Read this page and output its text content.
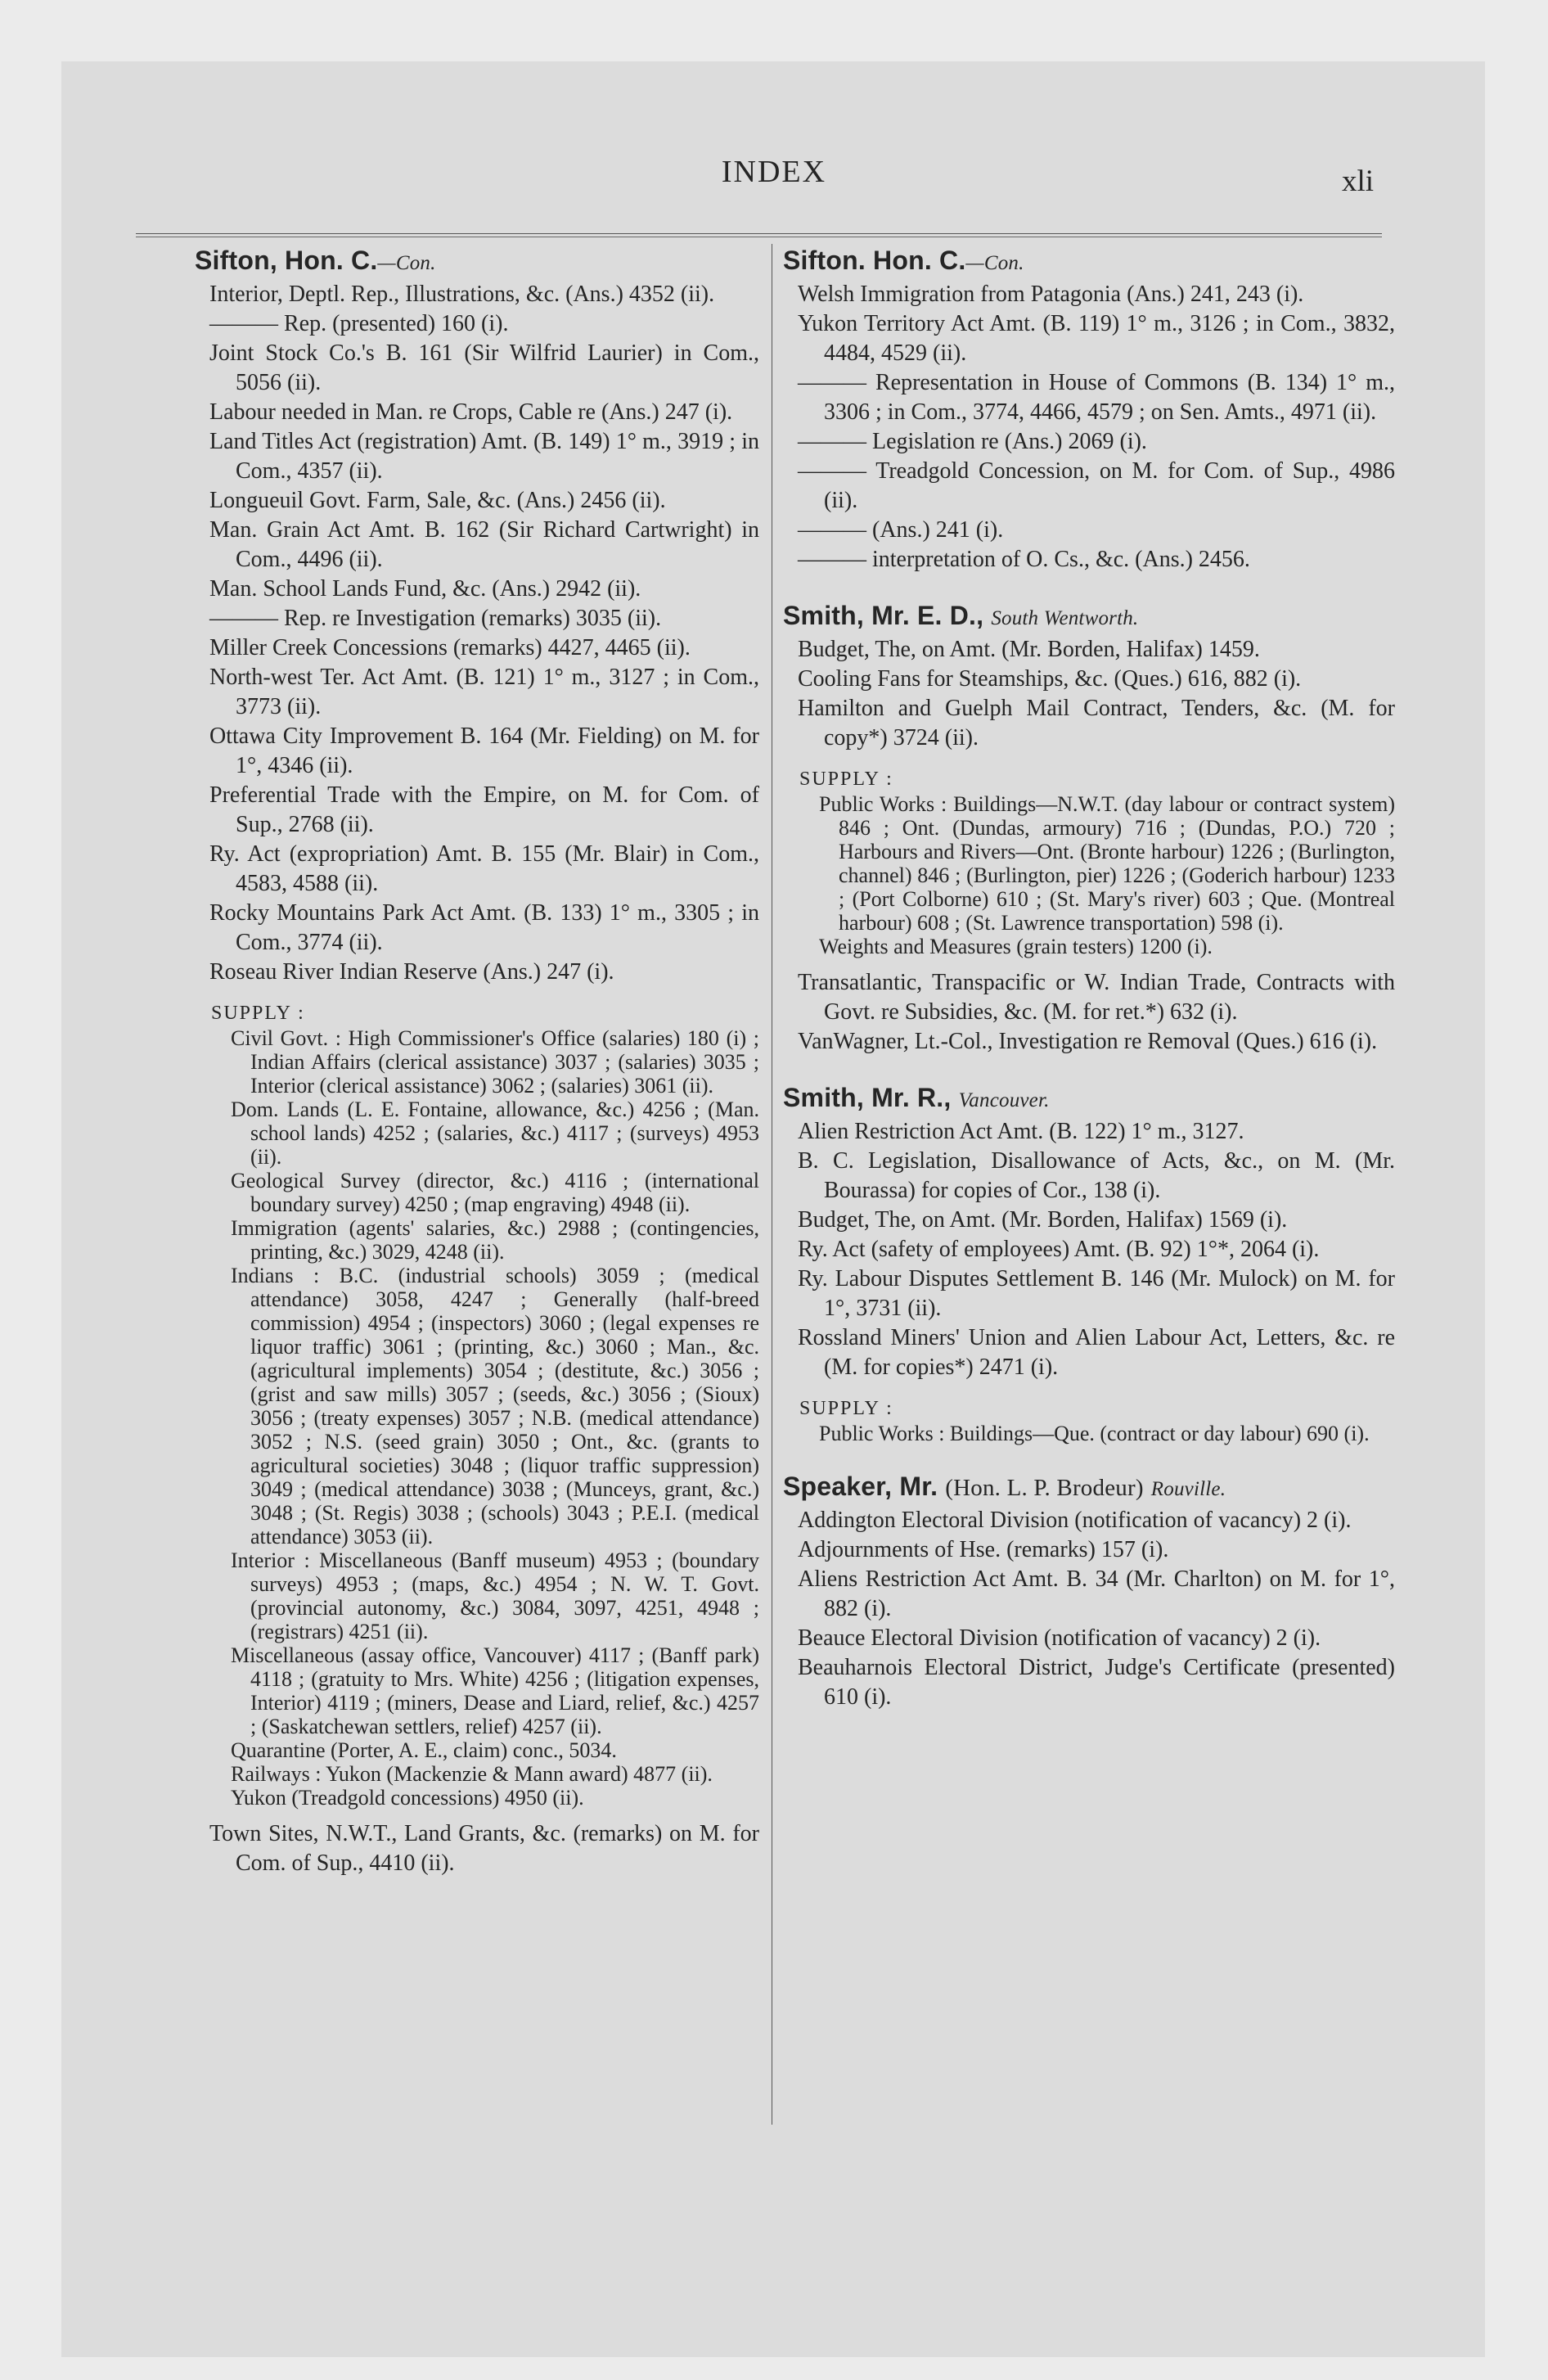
INDEX	xli
Sifton, Hon. C.—Con.

Interior, Deptl. Rep., Illustrations, &c. (Ans.) 4352 (ii).

——— Rep. (presented) 160 (i).

Joint Stock Co.'s B. 161 (Sir Wilfrid Laurier) in Com., 5056 (ii).

Labour needed in Man. re Crops, Cable re (Ans.) 247 (i).

Land Titles Act (registration) Amt. (B. 149) 1° m., 3919 ; in Com., 4357 (ii).

Longueuil Govt. Farm, Sale, &c. (Ans.) 2456 (ii).

Man. Grain Act Amt. B. 162 (Sir Richard Cartwright) in Com., 4496 (ii).

Man. School Lands Fund, &c. (Ans.) 2942 (ii).

——— Rep. re Investigation (remarks) 3035 (ii).

Miller Creek Concessions (remarks) 4427, 4465 (ii).

North-west Ter. Act Amt. (B. 121) 1° m., 3127 ; in Com., 3773 (ii).

Ottawa City Improvement B. 164 (Mr. Fielding) on M. for 1°, 4346 (ii).

Preferential Trade with the Empire, on M. for Com. of Sup., 2768 (ii).

Ry. Act (expropriation) Amt. B. 155 (Mr. Blair) in Com., 4583, 4588 (ii).

Rocky Mountains Park Act Amt. (B. 133) 1° m., 3305 ; in Com., 3774 (ii).

Roseau River Indian Reserve (Ans.) 247 (i).

SUPPLY :

Civil Govt. : High Commissioner's Office (salaries) 180 (i) ; Indian Affairs (clerical assistance) 3037 ; (salaries) 3035 ; Interior (clerical assistance) 3062 ; (salaries) 3061 (ii).

Dom. Lands (L. E. Fontaine, allowance, &c.) 4256 ; (Man. school lands) 4252 ; (salaries, &c.) 4117 ; (surveys) 4953 (ii).

Geological Survey (director, &c.) 4116 ; (international boundary survey) 4250 ; (map engraving) 4948 (ii).

Immigration (agents' salaries, &c.) 2988 ; (contingencies, printing, &c.) 3029, 4248 (ii).

Indians : B.C. (industrial schools) 3059 ; (medical attendance) 3058, 4247 ; Generally (half-breed commission) 4954 ; (inspectors) 3060 ; (legal expenses re liquor traffic) 3061 ; (printing, &c.) 3060 ; Man., &c. (agricultural implements) 3054 ; (destitute, &c.) 3056 ; (grist and saw mills) 3057 ; (seeds, &c.) 3056 ; (Sioux) 3056 ; (treaty expenses) 3057 ; N.B. (medical attendance) 3052 ; N.S. (seed grain) 3050 ; Ont., &c. (grants to agricultural societies) 3048 ; (liquor traffic suppression) 3049 ; (medical attendance) 3038 ; (Munceys, grant, &c.) 3048 ; (St. Regis) 3038 ; (schools) 3043 ; P.E.I. (medical attendance) 3053 (ii).

Interior : Miscellaneous (Banff museum) 4953 ; (boundary surveys) 4953 ; (maps, &c.) 4954 ; N. W. T. Govt. (provincial autonomy, &c.) 3084, 3097, 4251, 4948 ; (registrars) 4251 (ii).

Miscellaneous (assay office, Vancouver) 4117 ; (Banff park) 4118 ; (gratuity to Mrs. White) 4256 ; (litigation expenses, Interior) 4119 ; (miners, Dease and Liard, relief, &c.) 4257 ; (Saskatchewan settlers, relief) 4257 (ii).

Quarantine (Porter, A. E., claim) conc., 5034.

Railways : Yukon (Mackenzie & Mann award) 4877 (ii).

Yukon (Treadgold concessions) 4950 (ii).

Town Sites, N.W.T., Land Grants, &c. (remarks) on M. for Com. of Sup., 4410 (ii).

Sifton. Hon. C.—Con.

Welsh Immigration from Patagonia (Ans.) 241, 243 (i).

Yukon Territory Act Amt. (B. 119) 1° m., 3126 ; in Com., 3832, 4484, 4529 (ii).

——— Representation in House of Commons (B. 134) 1° m., 3306 ; in Com., 3774, 4466, 4579 ; on Sen. Amts., 4971 (ii).

——— Legislation re (Ans.) 2069 (i).

——— Treadgold Concession, on M. for Com. of Sup., 4986 (ii).

——— (Ans.) 241 (i).

——— interpretation of O. Cs., &c. (Ans.) 2456.

Smith, Mr. E. D., South Wentworth.

Budget, The, on Amt. (Mr. Borden, Halifax) 1459.

Cooling Fans for Steamships, &c. (Ques.) 616, 882 (i).

Hamilton and Guelph Mail Contract, Tenders, &c. (M. for copy*) 3724 (ii).

SUPPLY :

Public Works : Buildings—N.W.T. (day labour or contract system) 846 ; Ont. (Dundas, armoury) 716 ; (Dundas, P.O.) 720 ; Harbours and Rivers—Ont. (Bronte harbour) 1226 ; (Burlington, channel) 846 ; (Burlington, pier) 1226 ; (Goderich harbour) 1233 ; (Port Colborne) 610 ; (St. Mary's river) 603 ; Que. (Montreal harbour) 608 ; (St. Lawrence transportation) 598 (i).

Weights and Measures (grain testers) 1200 (i).

Transatlantic, Transpacific or W. Indian Trade, Contracts with Govt. re Subsidies, &c. (M. for ret.*) 632 (i).

VanWagner, Lt.-Col., Investigation re Removal (Ques.) 616 (i).

Smith, Mr. R., Vancouver.

Alien Restriction Act Amt. (B. 122) 1° m., 3127.

B. C. Legislation, Disallowance of Acts, &c., on M. (Mr. Bourassa) for copies of Cor., 138 (i).

Budget, The, on Amt. (Mr. Borden, Halifax) 1569 (i).

Ry. Act (safety of employees) Amt. (B. 92) 1°*, 2064 (i).

Ry. Labour Disputes Settlement B. 146 (Mr. Mulock) on M. for 1°, 3731 (ii).

Rossland Miners' Union and Alien Labour Act, Letters, &c. re (M. for copies*) 2471 (i).

SUPPLY :

Public Works : Buildings—Que. (contract or day labour) 690 (i).

Speaker, Mr. (Hon. L. P. Brodeur) Rouville.

Addington Electoral Division (notification of vacancy) 2 (i).

Adjournments of Hse. (remarks) 157 (i).

Aliens Restriction Act Amt. B. 34 (Mr. Charlton) on M. for 1°, 882 (i).

Beauce Electoral Division (notification of vacancy) 2 (i).

Beauharnois Electoral District, Judge's Certificate (presented) 610 (i).
